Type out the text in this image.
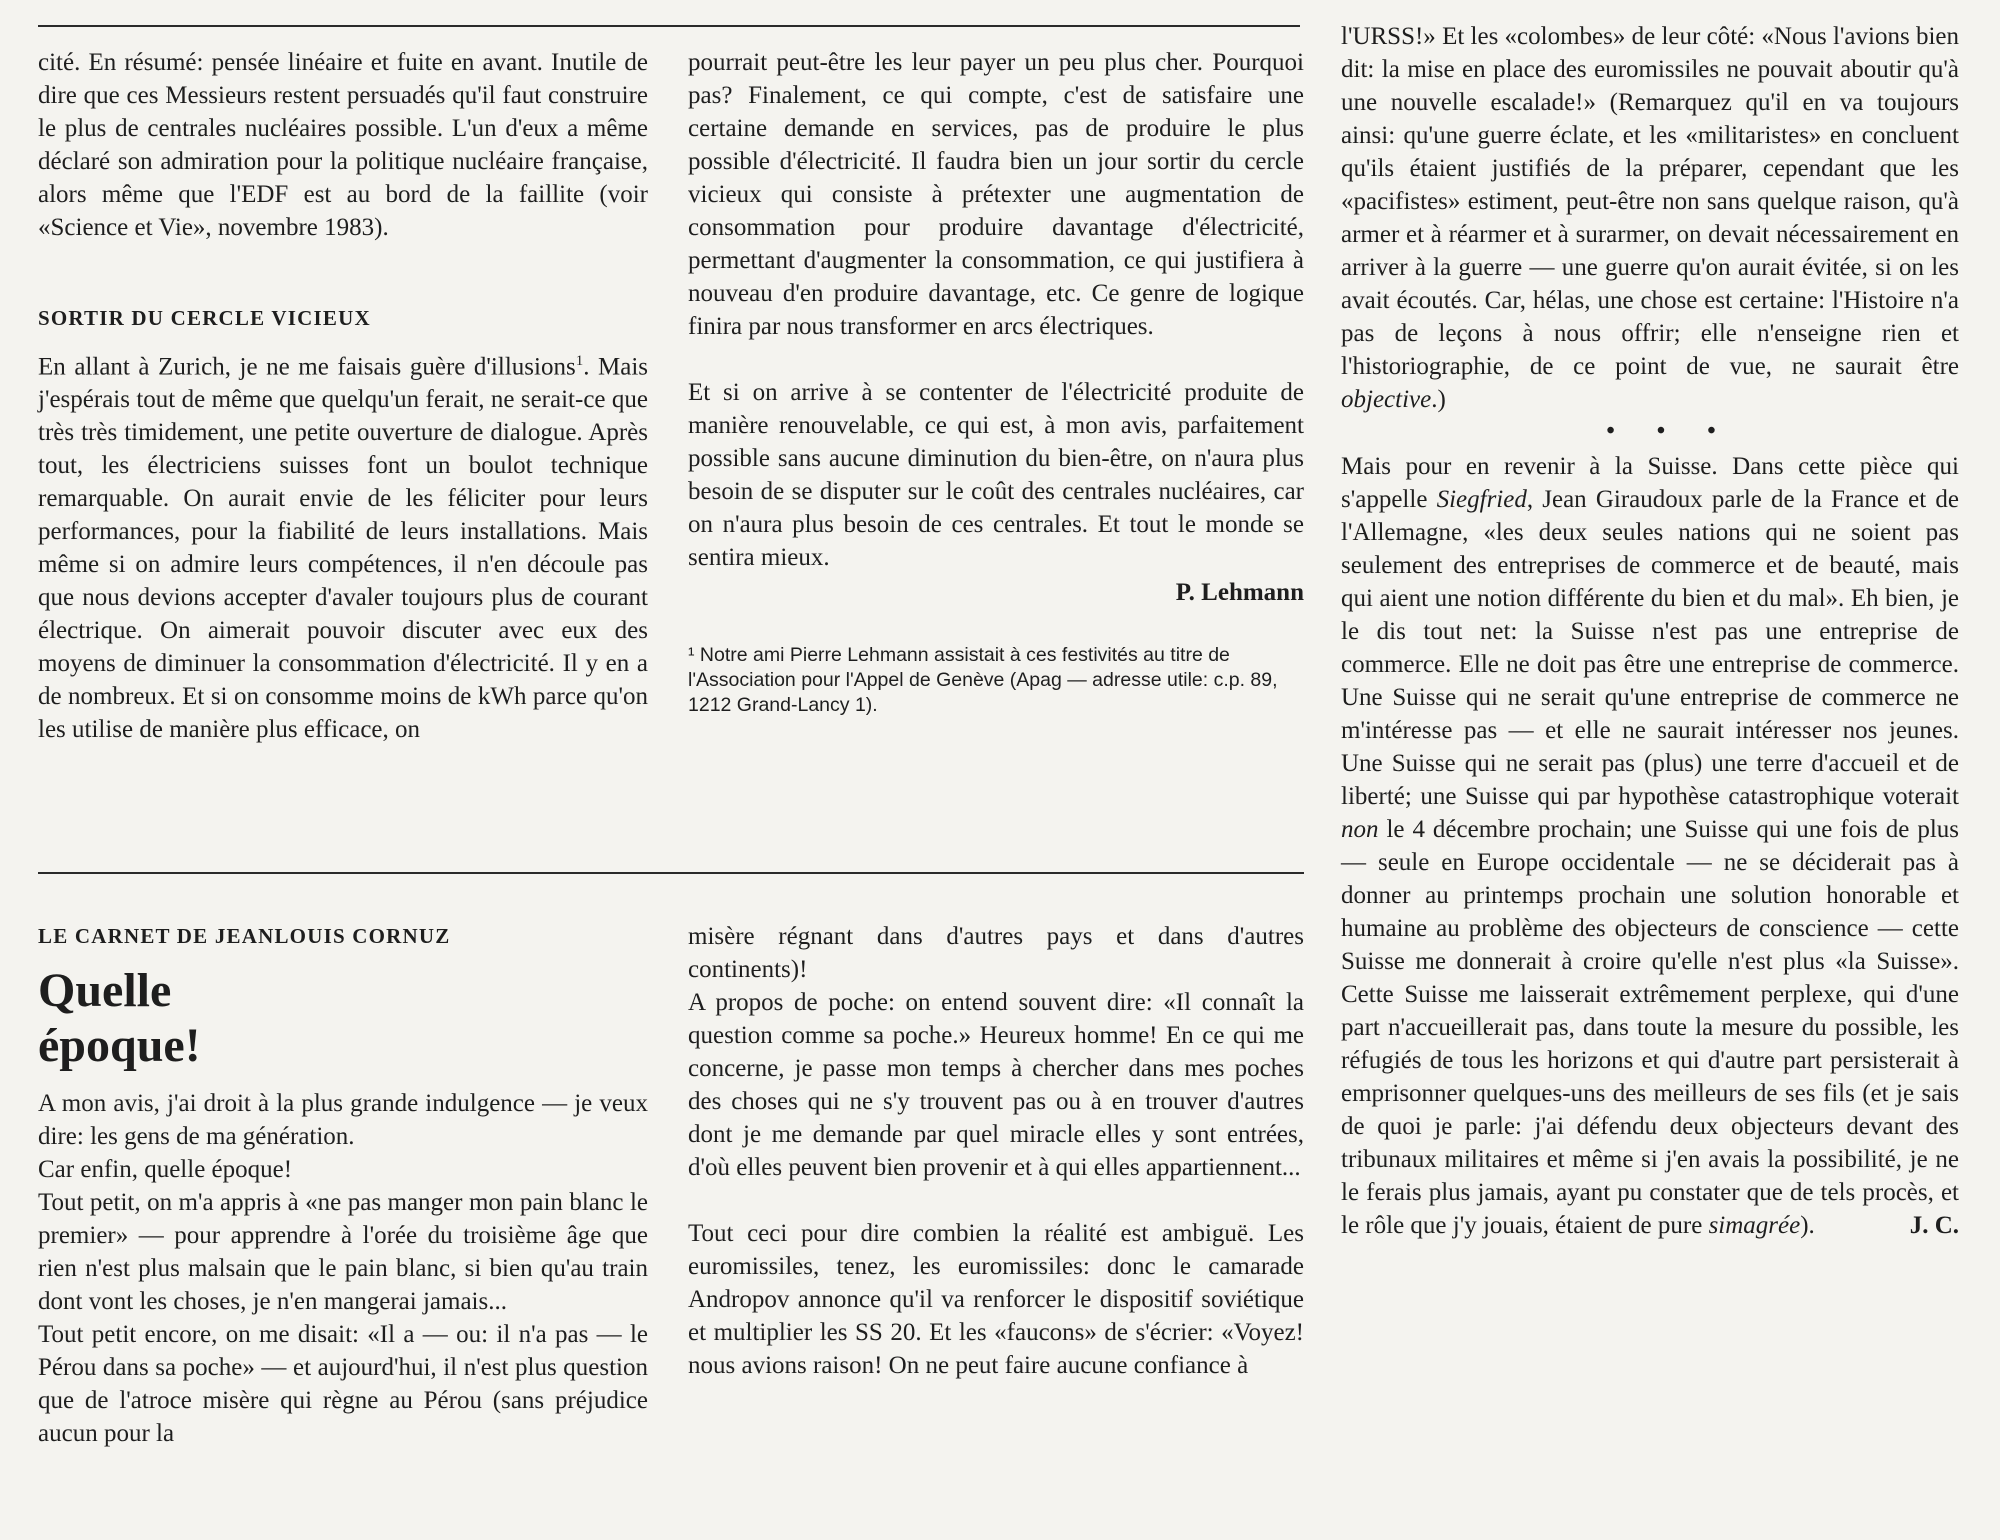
cité. En résumé: pensée linéaire et fuite en avant. Inutile de dire que ces Messieurs restent persuadés qu'il faut construire le plus de centrales nucléaires possible. L'un d'eux a même déclaré son admiration pour la politique nucléaire française, alors même que l'EDF est au bord de la faillite (voir «Science et Vie», novembre 1983).

SORTIR DU CERCLE VICIEUX

En allant à Zurich, je ne me faisais guère d'illusions$^1$. Mais j'espérais tout de même que quelqu'un ferait, ne serait-ce que très très timidement, une petite ouverture de dialogue. Après tout, les électriciens suisses font un boulot technique remarquable. On aurait envie de les féliciter pour leurs performances, pour la fiabilité de leurs installations. Mais même si on admire leurs compétences, il n'en découle pas que nous devions accepter d'avaler toujours plus de courant électrique. On aimerait pouvoir discuter avec eux des moyens de diminuer la consommation d'électricité. Il y en a de nombreux. Et si on consomme moins de kWh parce qu'on les utilise de manière plus efficace, on

pourrait peut-être les leur payer un peu plus cher. Pourquoi pas? Finalement, ce qui compte, c'est de satisfaire une certaine demande en services, pas de produire le plus possible d'électricité. Il faudra bien un jour sortir du cercle vicieux qui consiste à prétexter une augmentation de consommation pour produire davantage d'électricité, permettant d'augmenter la consommation, ce qui justifiera à nouveau d'en produire davantage, etc. Ce genre de logique finira par nous transformer en arcs électriques.

Et si on arrive à se contenter de l'électricité produite de manière renouvelable, ce qui est, à mon avis, parfaitement possible sans aucune diminution du bien-être, on n'aura plus besoin de se disputer sur le coût des centrales nucléaires, car on n'aura plus besoin de ces centrales. Et tout le monde se sentira mieux.

P. Lehmann

¹ Notre ami Pierre Lehmann assistait à ces festivités au titre de l'Association pour l'Appel de Genève (Apag — adresse utile: c.p. 89, 1212 Grand-Lancy 1).

LE CARNET DE JEANLOUIS CORNUZ

Quelle

époque!

A mon avis, j'ai droit à la plus grande indulgence — je veux dire: les gens de ma génération.

Car enfin, quelle époque!

Tout petit, on m'a appris à «ne pas manger mon pain blanc le premier» — pour apprendre à l'orée du troisième âge que rien n'est plus malsain que le pain blanc, si bien qu'au train dont vont les choses, je n'en mangerai jamais...

Tout petit encore, on me disait: «Il a — ou: il n'a pas — le Pérou dans sa poche» — et aujourd'hui, il n'est plus question que de l'atroce misère qui règne au Pérou (sans préjudice aucun pour la

misère régnant dans d'autres pays et dans d'autres continents)!

A propos de poche: on entend souvent dire: «Il connaît la question comme sa poche.» Heureux homme! En ce qui me concerne, je passe mon temps à chercher dans mes poches des choses qui ne s'y trouvent pas ou à en trouver d'autres dont je me demande par quel miracle elles y sont entrées, d'où elles peuvent bien provenir et à qui elles appartiennent...

Tout ceci pour dire combien la réalité est ambiguë. Les euromissiles, tenez, les euromissiles: donc le camarade Andropov annonce qu'il va renforcer le dispositif soviétique et multiplier les SS 20. Et les «faucons» de s'écrier: «Voyez! nous avions raison! On ne peut faire aucune confiance à

l'URSS!» Et les «colombes» de leur côté: «Nous l'avions bien dit: la mise en place des euromissiles ne pouvait aboutir qu'à une nouvelle escalade!» (Remarquez qu'il en va toujours ainsi: qu'une guerre éclate, et les «militaristes» en concluent qu'ils étaient justifiés de la préparer, cependant que les «pacifistes» estiment, peut-être non sans quelque raison, qu'à armer et à réarmer et à surarmer, on devait nécessairement en arriver à la guerre — une guerre qu'on aurait évitée, si on les avait écoutés. Car, hélas, une chose est certaine: l'Histoire n'a pas de leçons à nous offrir; elle n'enseigne rien et l'historiographie, de ce point de vue, ne saurait être objective.)

• • •

Mais pour en revenir à la Suisse. Dans cette pièce qui s'appelle Siegfried, Jean Giraudoux parle de la France et de l'Allemagne, «les deux seules nations qui ne soient pas seulement des entreprises de commerce et de beauté, mais qui aient une notion différente du bien et du mal». Eh bien, je le dis tout net: la Suisse n'est pas une entreprise de commerce. Elle ne doit pas être une entreprise de commerce. Une Suisse qui ne serait qu'une entreprise de commerce ne m'intéresse pas — et elle ne saurait intéresser nos jeunes. Une Suisse qui ne serait pas (plus) une terre d'accueil et de liberté; une Suisse qui par hypothèse catastrophique voterait non le 4 décembre prochain; une Suisse qui une fois de plus — seule en Europe occidentale — ne se déciderait pas à donner au printemps prochain une solution honorable et humaine au problème des objecteurs de conscience — cette Suisse me donnerait à croire qu'elle n'est plus «la Suisse». Cette Suisse me laisserait extrêmement perplexe, qui d'une part n'accueillerait pas, dans toute la mesure du possible, les réfugiés de tous les horizons et qui d'autre part persisterait à emprisonner quelques-uns des meilleurs de ses fils (et je sais de quoi je parle: j'ai défendu deux objecteurs devant des tribunaux militaires et même si j'en avais la possibilité, je ne le ferais plus jamais, ayant pu constater que de tels procès, et le rôle que j'y jouais, étaient de pure simagrée).	J. C.
